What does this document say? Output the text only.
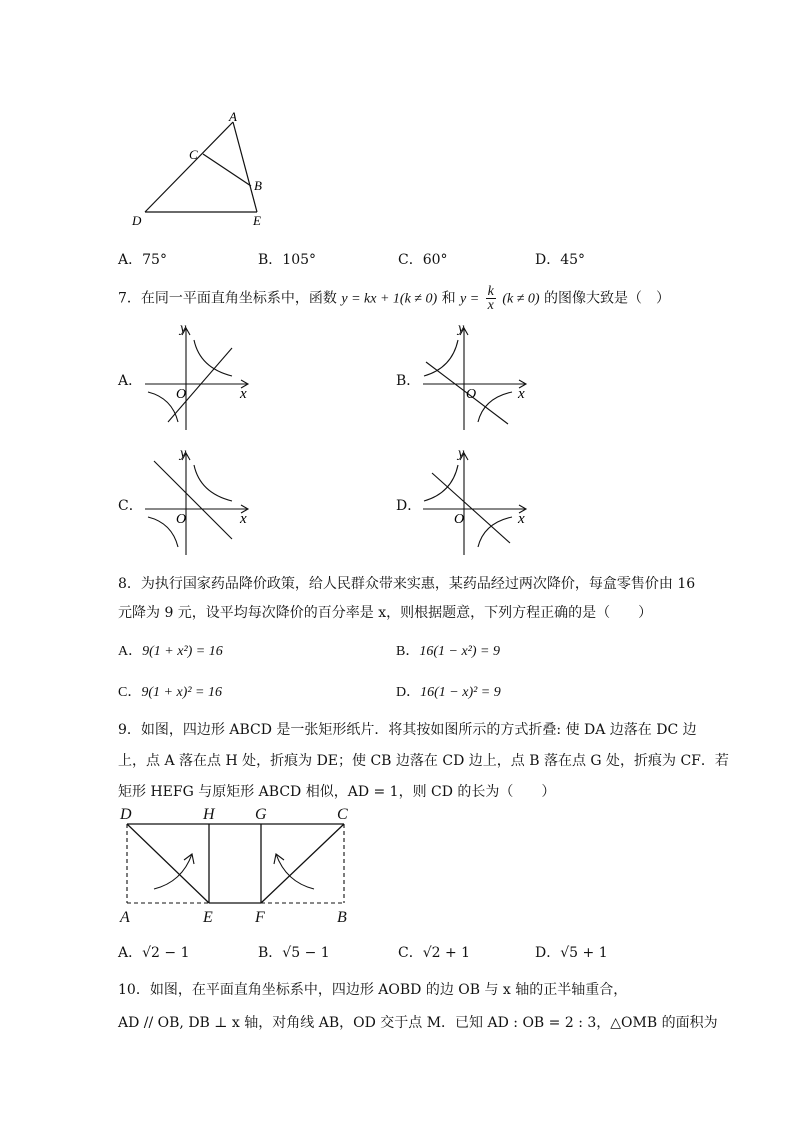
A
C
B
D	E
A．75°	B．105°	C．60°	D．45°
7．在同一平面直角坐标系中，函数 y = kx + 1(k ≠ 0) 和 $y = \frac{k}{x} (k \ne 0)$ 的图像大致是（　）
A．
y
x
O
B．
y
x
O
C．
y
x
O
D．
y
x
O
8．为执行国家药品降价政策，给人民群众带来实惠，某药品经过两次降价，每盒零售价由 16
元降为 9 元，设平均每次降价的百分率是 x，则根据题意，下列方程正确的是（　　）
A．9(1 + x²) = 16	B．16(1 − x²) = 9
C．9(1 + x)² = 16	D．16(1 − x)² = 9
9．如图，四边形 ABCD 是一张矩形纸片．将其按如图所示的方式折叠: 使 DA 边落在 DC 边
上，点 A 落在点 H 处，折痕为 DE；使 CB 边落在 CD 边上，点 B 落在点 G 处，折痕为 CF．若
矩形 HEFG 与原矩形 ABCD 相似，AD = 1，则 CD 的长为（　　）
D	H	G	C
A	E	F	B
A．√2 − 1	B．√5 − 1	C．√2 + 1	D．√5 + 1
10．如图，在平面直角坐标系中，四边形 AOBD 的边 OB 与 x 轴的正半轴重合，
AD // OB, DB ⊥ x 轴，对角线 AB，OD 交于点 M．已知 AD : OB = 2 : 3，△OMB 的面积为
